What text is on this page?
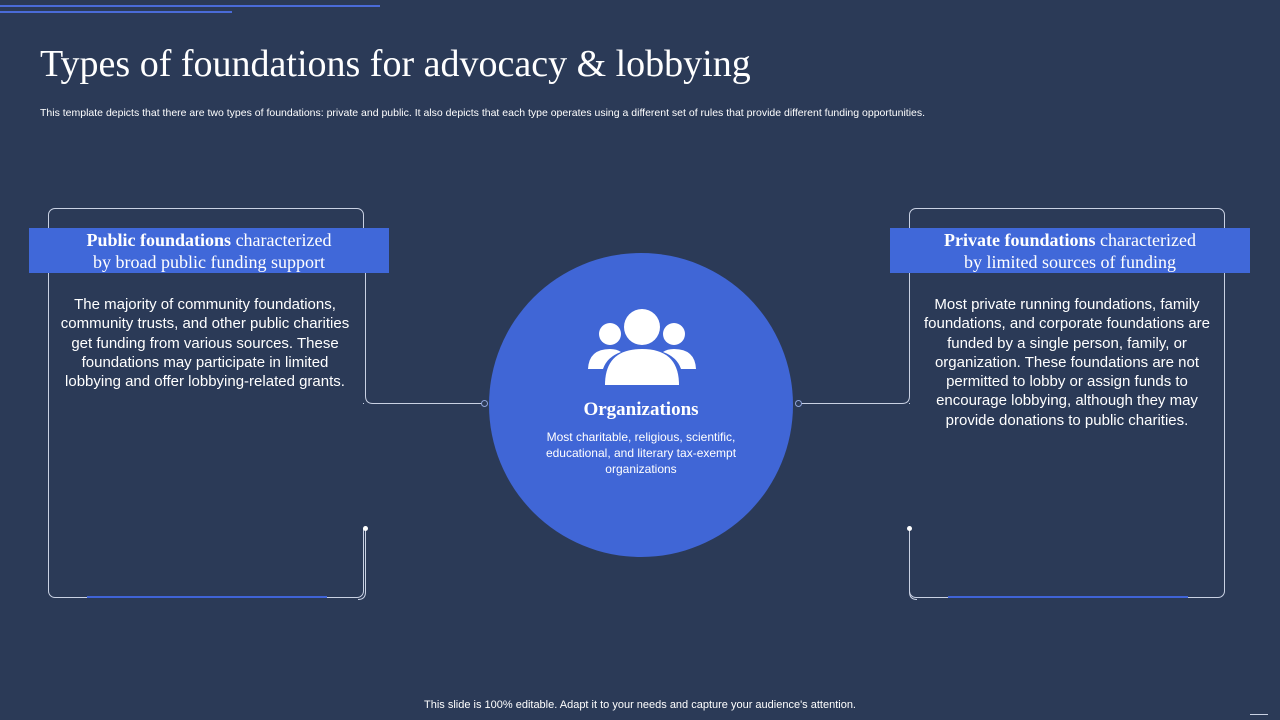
Types of foundations for advocacy & lobbying
This template depicts that there are two types of foundations: private and public. It also depicts that each type operates using a different set of rules that provide different funding opportunities.
Public foundations characterized
by broad public funding support
Private foundations characterized
by limited sources of funding
The majority of community foundations, community trusts, and other public charities get funding from various sources. These foundations may participate in limited lobbying and offer lobbying-related grants.
Most private running foundations, family foundations, and corporate foundations are funded by a single person, family, or organization. These foundations are not permitted to lobby or assign funds to encourage lobbying, although they may provide donations to public charities.
Organizations
Most charitable, religious, scientific, educational, and literary tax-exempt organizations
This slide is 100% editable. Adapt it to your needs and capture your audience's attention.
